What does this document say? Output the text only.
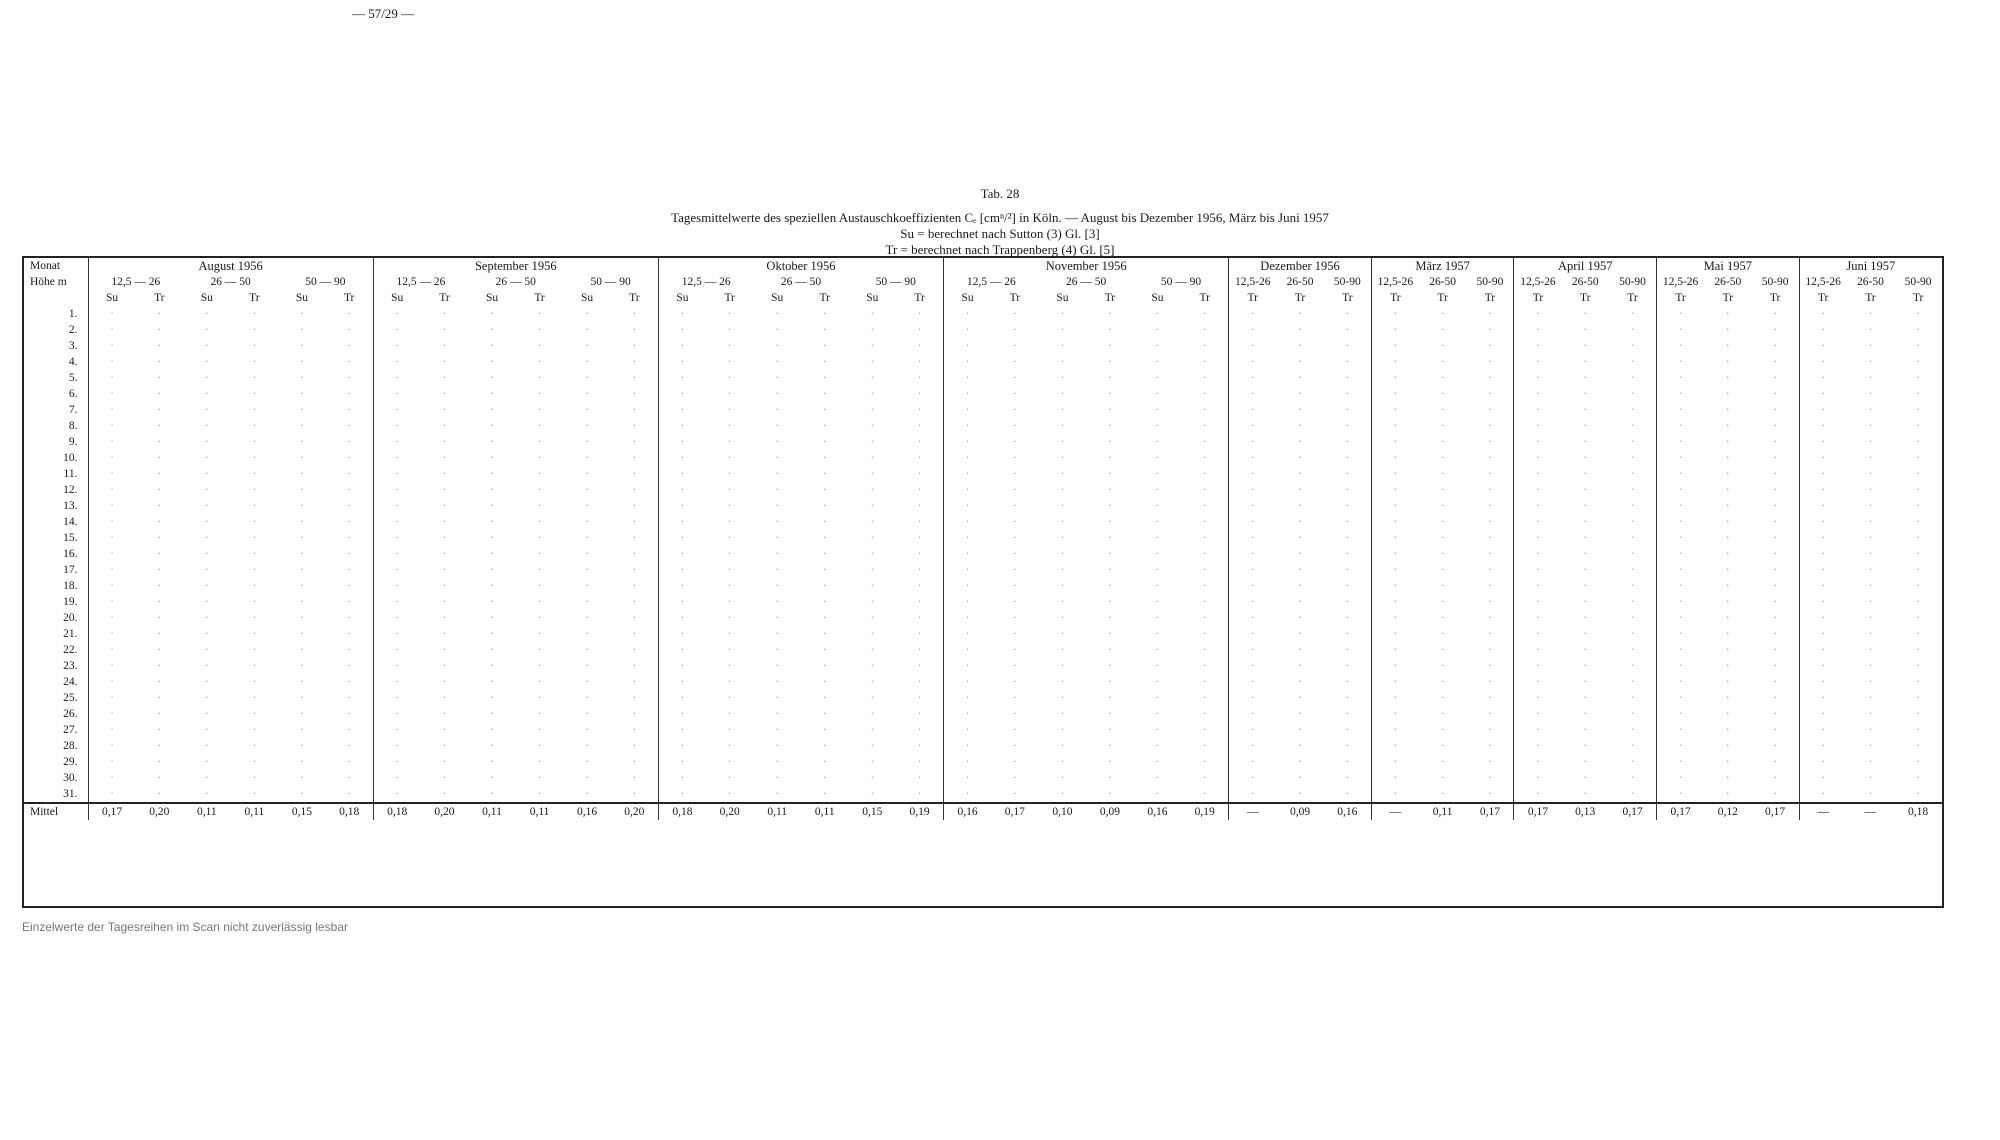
— 57/29 —
Tab. 28
Tagesmittelwerte des speziellen Austauschkoeffizienten Cₑ [cmⁿ/²] in Köln. — August bis Dezember 1956, März bis Juni 1957
Su = berechnet nach Sutton (3) Gl. [3]
Tr = berechnet nach Trappenberg (4) Gl. [5]
Monat	August 1956						September 1956						Oktober 1956						November 1956						Dezember 1956			März 1957			April 1957			Mai 1957			Juni 1957		
Höhe m	12,5 — 26		26 — 50		50 — 90		12,5 — 26		26 — 50		50 — 90		12,5 — 26		26 — 50		50 — 90		12,5 — 26		26 — 50		50 — 90		12,5-26	26-50	50-90	12,5-26	26-50	50-90	12,5-26	26-50	50-90	12,5-26	26-50	50-90	12,5-26	26-50	50-90
	Su	Tr	Su	Tr	Su	Tr	Su	Tr	Su	Tr	Su	Tr	Su	Tr	Su	Tr	Su	Tr	Su	Tr	Su	Tr	Su	Tr	Tr	Tr	Tr	Tr	Tr	Tr	Tr	Tr	Tr	Tr	Tr	Tr	Tr	Tr	Tr
1.	·	·	·	·	·	·	·	·	·	·	·	·	·	·	·	·	·	·	·	·	·	·	·	·	·	·	·	·	·	·	·	·	·	·	·	·	·	·	·
2.	·	·	·	·	·	·	·	·	·	·	·	·	·	·	·	·	·	·	·	·	·	·	·	·	·	·	·	·	·	·	·	·	·	·	·	·	·	·	·
3.	·	·	·	·	·	·	·	·	·	·	·	·	·	·	·	·	·	·	·	·	·	·	·	·	·	·	·	·	·	·	·	·	·	·	·	·	·	·	·
4.	·	·	·	·	·	·	·	·	·	·	·	·	·	·	·	·	·	·	·	·	·	·	·	·	·	·	·	·	·	·	·	·	·	·	·	·	·	·	·
5.	·	·	·	·	·	·	·	·	·	·	·	·	·	·	·	·	·	·	·	·	·	·	·	·	·	·	·	·	·	·	·	·	·	·	·	·	·	·	·
6.	·	·	·	·	·	·	·	·	·	·	·	·	·	·	·	·	·	·	·	·	·	·	·	·	·	·	·	·	·	·	·	·	·	·	·	·	·	·	·
7.	·	·	·	·	·	·	·	·	·	·	·	·	·	·	·	·	·	·	·	·	·	·	·	·	·	·	·	·	·	·	·	·	·	·	·	·	·	·	·
8.	·	·	·	·	·	·	·	·	·	·	·	·	·	·	·	·	·	·	·	·	·	·	·	·	·	·	·	·	·	·	·	·	·	·	·	·	·	·	·
9.	·	·	·	·	·	·	·	·	·	·	·	·	·	·	·	·	·	·	·	·	·	·	·	·	·	·	·	·	·	·	·	·	·	·	·	·	·	·	·
10.	·	·	·	·	·	·	·	·	·	·	·	·	·	·	·	·	·	·	·	·	·	·	·	·	·	·	·	·	·	·	·	·	·	·	·	·	·	·	·
11.	·	·	·	·	·	·	·	·	·	·	·	·	·	·	·	·	·	·	·	·	·	·	·	·	·	·	·	·	·	·	·	·	·	·	·	·	·	·	·
12.	·	·	·	·	·	·	·	·	·	·	·	·	·	·	·	·	·	·	·	·	·	·	·	·	·	·	·	·	·	·	·	·	·	·	·	·	·	·	·
13.	·	·	·	·	·	·	·	·	·	·	·	·	·	·	·	·	·	·	·	·	·	·	·	·	·	·	·	·	·	·	·	·	·	·	·	·	·	·	·
14.	·	·	·	·	·	·	·	·	·	·	·	·	·	·	·	·	·	·	·	·	·	·	·	·	·	·	·	·	·	·	·	·	·	·	·	·	·	·	·
15.	·	·	·	·	·	·	·	·	·	·	·	·	·	·	·	·	·	·	·	·	·	·	·	·	·	·	·	·	·	·	·	·	·	·	·	·	·	·	·
16.	·	·	·	·	·	·	·	·	·	·	·	·	·	·	·	·	·	·	·	·	·	·	·	·	·	·	·	·	·	·	·	·	·	·	·	·	·	·	·
17.	·	·	·	·	·	·	·	·	·	·	·	·	·	·	·	·	·	·	·	·	·	·	·	·	·	·	·	·	·	·	·	·	·	·	·	·	·	·	·
18.	·	·	·	·	·	·	·	·	·	·	·	·	·	·	·	·	·	·	·	·	·	·	·	·	·	·	·	·	·	·	·	·	·	·	·	·	·	·	·
19.	·	·	·	·	·	·	·	·	·	·	·	·	·	·	·	·	·	·	·	·	·	·	·	·	·	·	·	·	·	·	·	·	·	·	·	·	·	·	·
20.	·	·	·	·	·	·	·	·	·	·	·	·	·	·	·	·	·	·	·	·	·	·	·	·	·	·	·	·	·	·	·	·	·	·	·	·	·	·	·
21.	·	·	·	·	·	·	·	·	·	·	·	·	·	·	·	·	·	·	·	·	·	·	·	·	·	·	·	·	·	·	·	·	·	·	·	·	·	·	·
22.	·	·	·	·	·	·	·	·	·	·	·	·	·	·	·	·	·	·	·	·	·	·	·	·	·	·	·	·	·	·	·	·	·	·	·	·	·	·	·
23.	·	·	·	·	·	·	·	·	·	·	·	·	·	·	·	·	·	·	·	·	·	·	·	·	·	·	·	·	·	·	·	·	·	·	·	·	·	·	·
24.	·	·	·	·	·	·	·	·	·	·	·	·	·	·	·	·	·	·	·	·	·	·	·	·	·	·	·	·	·	·	·	·	·	·	·	·	·	·	·
25.	·	·	·	·	·	·	·	·	·	·	·	·	·	·	·	·	·	·	·	·	·	·	·	·	·	·	·	·	·	·	·	·	·	·	·	·	·	·	·
26.	·	·	·	·	·	·	·	·	·	·	·	·	·	·	·	·	·	·	·	·	·	·	·	·	·	·	·	·	·	·	·	·	·	·	·	·	·	·	·
27.	·	·	·	·	·	·	·	·	·	·	·	·	·	·	·	·	·	·	·	·	·	·	·	·	·	·	·	·	·	·	·	·	·	·	·	·	·	·	·
28.	·	·	·	·	·	·	·	·	·	·	·	·	·	·	·	·	·	·	·	·	·	·	·	·	·	·	·	·	·	·	·	·	·	·	·	·	·	·	·
29.	·	·	·	·	·	·	·	·	·	·	·	·	·	·	·	·	·	·	·	·	·	·	·	·	·	·	·	·	·	·	·	·	·	·	·	·	·	·	·
30.	·	·	·	·	·	·	·	·	·	·	·	·	·	·	·	·	·	·	·	·	·	·	·	·	·	·	·	·	·	·	·	·	·	·	·	·	·	·	·
31.	·	·	·	·	·	·	·	·	·	·	·	·	·	·	·	·	·	·	·	·	·	·	·	·	·	·	·	·	·	·	·	·	·	·	·	·	·	·	·
Mittel	0,17	0,20	0,11	0,11	0,15	0,18	0,18	0,20	0,11	0,11	0,16	0,20	0,18	0,20	0,11	0,11	0,15	0,19	0,16	0,17	0,10	0,09	0,16	0,19	—	0,09	0,16	—	0,11	0,17	0,17	0,13	0,17	0,17	0,12	0,17	—	—	0,18
Einzelwerte der Tagesreihen im Scan nicht zuverlässig lesbar
